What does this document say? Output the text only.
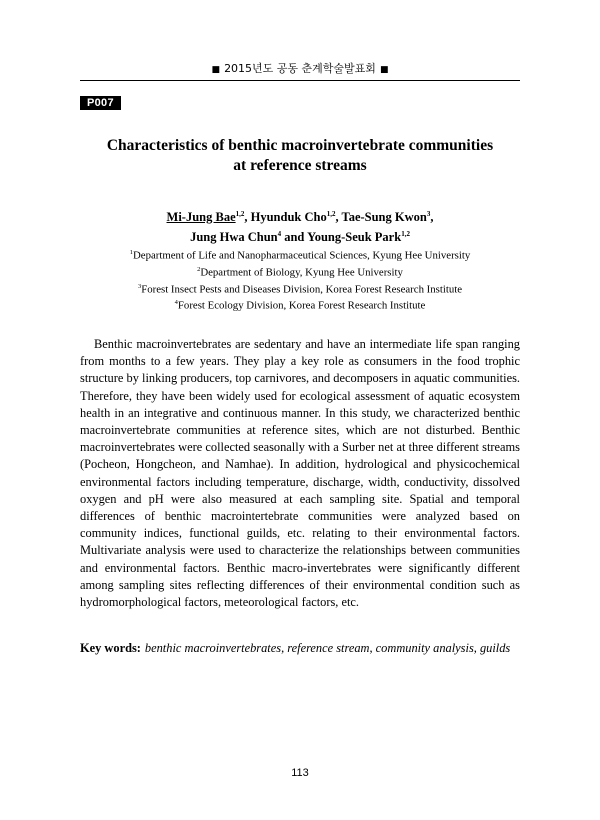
■ 2015년도 공동 춘계학술발표회 ■
P007
Characteristics of benthic macroinvertebrate communities
at reference streams
Mi-Jung Bae$^{1,2}$, Hyunduk Cho$^{1,2}$, Tae-Sung Kwon$^3$,
Jung Hwa Chun$^4$ and Young-Seuk Park$^{1,2}$
$^1$Department of Life and Nanopharmaceutical Sciences, Kyung Hee University
$^2$Department of Biology, Kyung Hee University
$^3$Forest Insect Pests and Diseases Division, Korea Forest Research Institute
$^4$Forest Ecology Division, Korea Forest Research Institute

Benthic macroinvertebrates are sedentary and have an intermediate life span ranging from months to a few years. They play a key role as consumers in the food trophic structure by linking producers, top carnivores, and decomposers in aquatic communities. Therefore, they have been widely used for ecological assessment of aquatic ecosystem health in an integrative and continuous manner. In this study, we characterized benthic macroinvertebrate communities at reference sites, which are not disturbed. Benthic macroinvertebrates were collected seasonally with a Surber net at three different streams (Pocheon, Hongcheon, and Namhae). In addition, hydrological and physicochemical environmental factors including temperature, discharge, width, conductivity, dissolved oxygen and pH were also measured at each sampling site. Spatial and temporal differences of benthic macrointertebrate communities were analyzed based on community indices, functional guilds, etc. relating to their environmental factors. Multivariate analysis were used to characterize the relationships between communities and environmental factors. Benthic macro-invertebrates were significantly different among sampling sites reflecting differences of their environmental condition such as hydromorphological factors, meteorological factors, etc.

Key words: benthic macroinvertebrates, reference stream, community analysis, guilds
113
